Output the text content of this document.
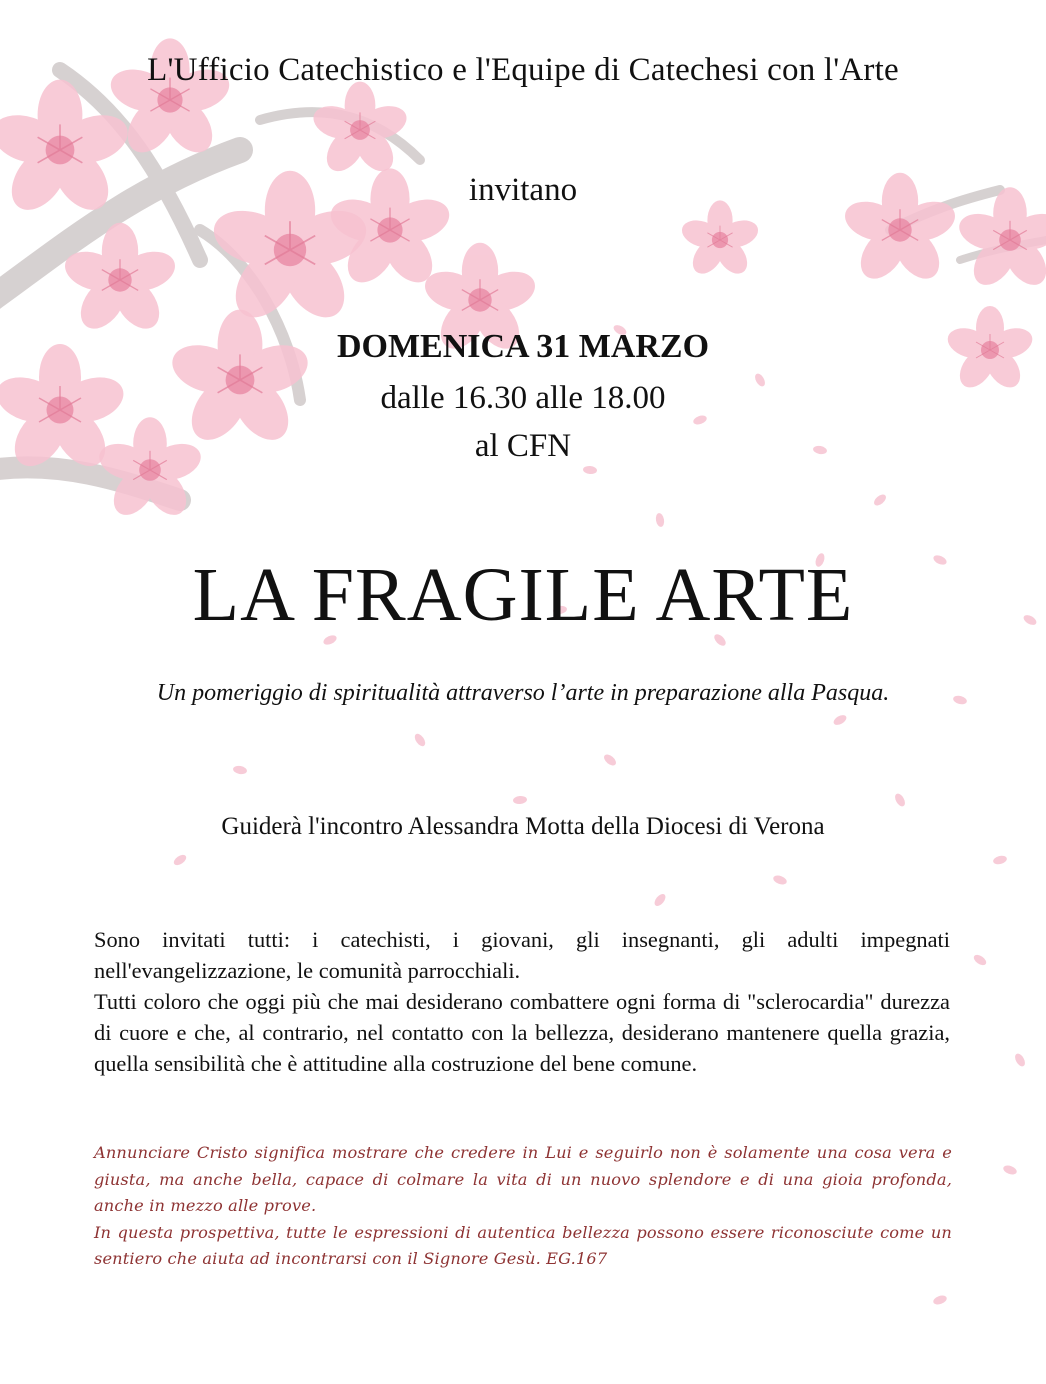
L'Ufficio Catechistico e l'Equipe di Catechesi con l'Arte
invitano
DOMENICA 31 MARZO
dalle 16.30 alle 18.00
al CFN
LA FRAGILE ARTE
Un pomeriggio di spiritualità attraverso l’arte in preparazione alla Pasqua.
Guiderà l'incontro Alessandra Motta della Diocesi di Verona

Sono invitati tutti: i catechisti, i giovani, gli insegnanti, gli adulti impegnati nell'evangelizzazione, le comunità parrocchiali.

Tutti coloro che oggi più che mai desiderano combattere ogni forma di "sclerocardia" durezza di cuore e che, al contrario, nel contatto con la bellezza, desiderano mantenere quella grazia, quella sensibilità che è attitudine alla costruzione del bene comune.

Annunciare Cristo significa mostrare che credere in Lui e seguirlo non è solamente una cosa vera e giusta, ma anche bella, capace di colmare la vita di un nuovo splendore e di una gioia profonda, anche in mezzo alle prove.

In questa prospettiva, tutte le espressioni di autentica bellezza possono essere riconosciute come un sentiero che aiuta ad incontrarsi con il Signore Gesù. EG.167
